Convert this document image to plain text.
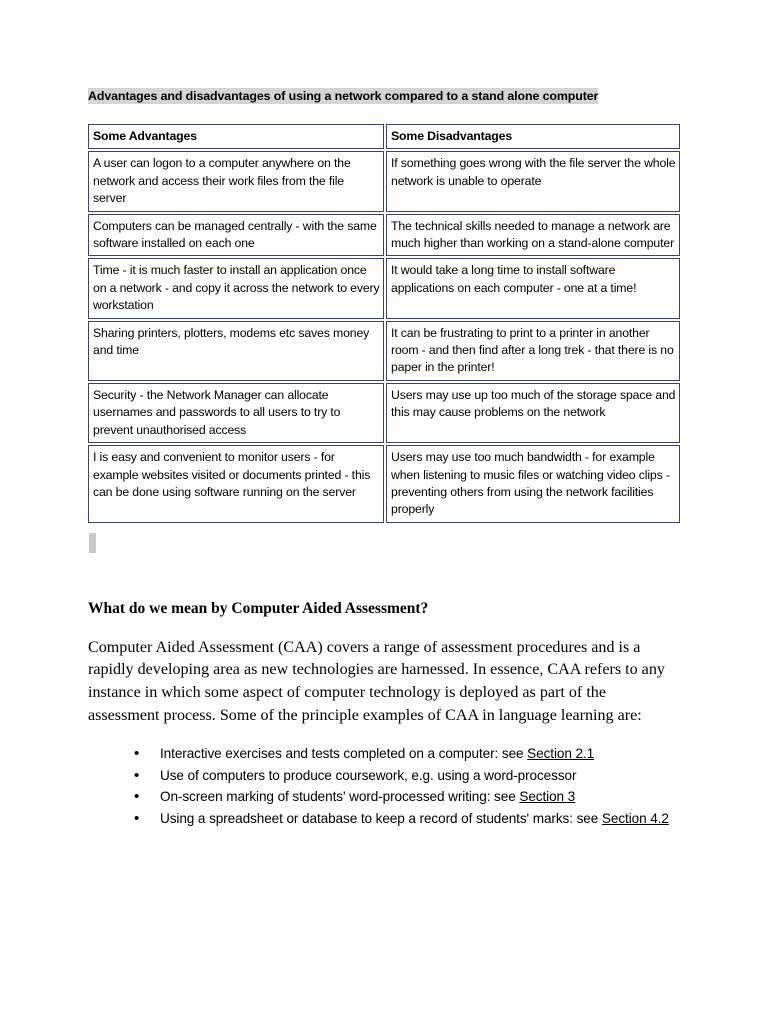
Advantages and disadvantages of using a network compared to a stand alone computer

Some Advantages	Some Disadvantages
A user can logon to a computer anywhere on the network and access their work files from the file server	If something goes wrong with the file server the whole network is unable to operate
Computers can be managed centrally - with the same software installed on each one	The technical skills needed to manage a network are much higher than working on a stand-alone computer
Time - it is much faster to install an application once on a network - and copy it across the network to every workstation	It would take a long time to install software applications on each computer - one at a time!
Sharing printers, plotters, modems etc saves money and time	It can be frustrating to print to a printer in another room - and then find after a long trek - that there is no paper in the printer!
Security - the Network Manager can allocate usernames and passwords to all users to try to prevent unauthorised access	Users may use up too much of the storage space and this may cause problems on the network
I is easy and convenient to monitor users - for example websites visited or documents printed - this can be done using software running on the server	Users may use too much bandwidth - for example when listening to music files or watching video clips - preventing others from using the network facilities properly

What do we mean by Computer Aided Assessment?

Computer Aided Assessment (CAA) covers a range of assessment procedures and is a rapidly developing area as new technologies are harnessed. In essence, CAA refers to any instance in which some aspect of computer technology is deployed as part of the assessment process. Some of the principle examples of CAA in language learning are:

• Interactive exercises and tests completed on a computer: see Section 2.1
• Use of computers to produce coursework, e.g. using a word-processor
• On-screen marking of students' word-processed writing: see Section 3
• Using a spreadsheet or database to keep a record of students' marks: see Section 4.2
